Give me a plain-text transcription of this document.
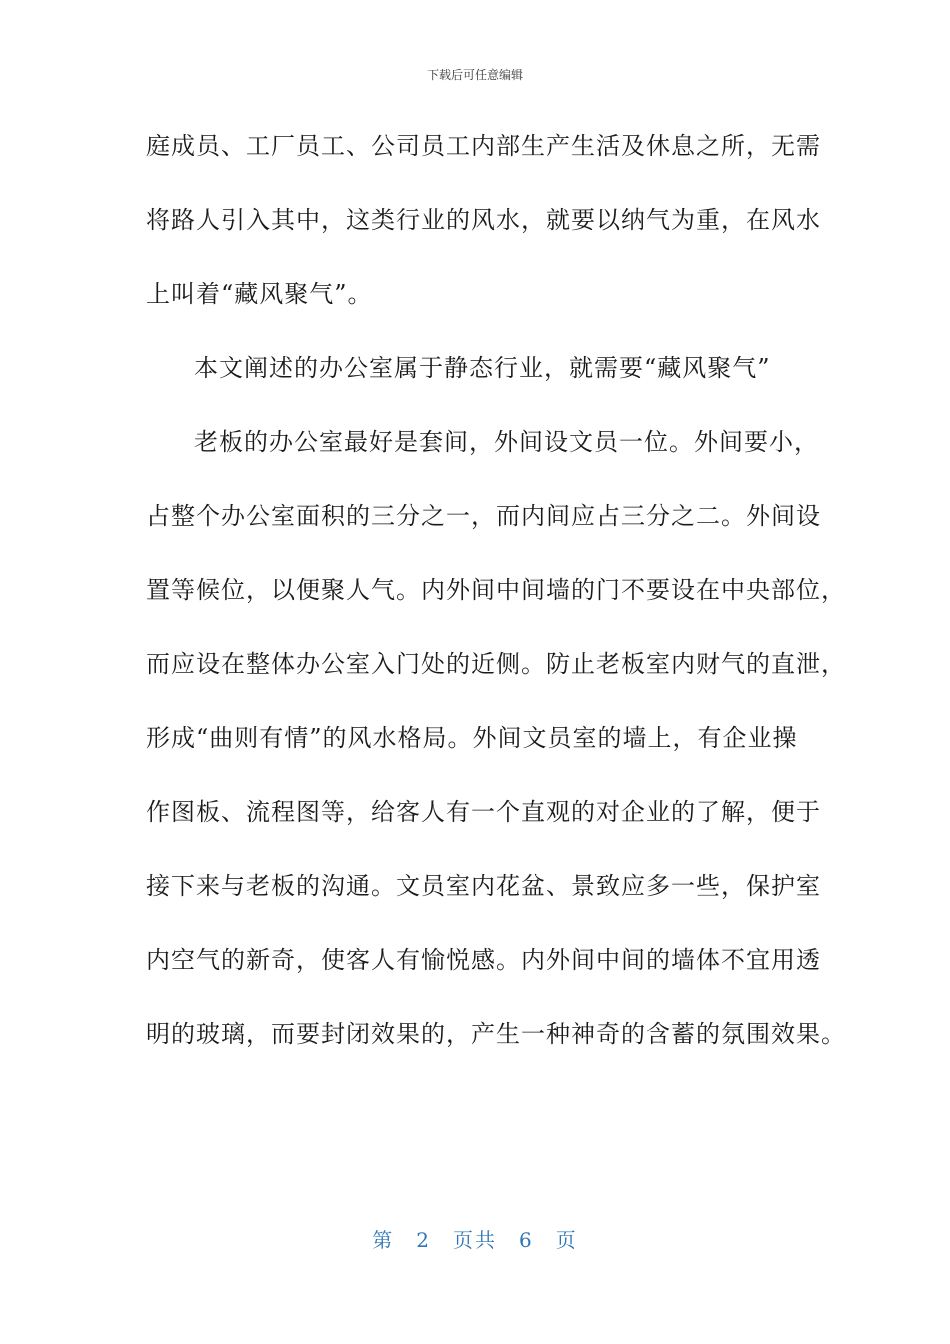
下载后可任意编辑
庭成员、工厂员工、公司员工内部生产生活及休息之所，无需
将路人引入其中，这类行业的风水，就要以纳气为重，在风水
上叫着“藏风聚气”。
本文阐述的办公室属于静态行业，就需要“藏风聚气”
老板的办公室最好是套间，外间设文员一位。外间要小，
占整个办公室面积的三分之一，而内间应占三分之二。外间设
置等候位，以便聚人气。内外间中间墙的门不要设在中央部位，
而应设在整体办公室入门处的近侧。防止老板室内财气的直泄，
形成“曲则有情”的风水格局。外间文员室的墙上，有企业操
作图板、流程图等，给客人有一个直观的对企业的了解，便于
接下来与老板的沟通。文员室内花盆、景致应多一些，保护室
内空气的新奇，使客人有愉悦感。内外间中间的墙体不宜用透
明的玻璃，而要封闭效果的，产生一种神奇的含蓄的氛围效果。
第 2 页共 6 页
